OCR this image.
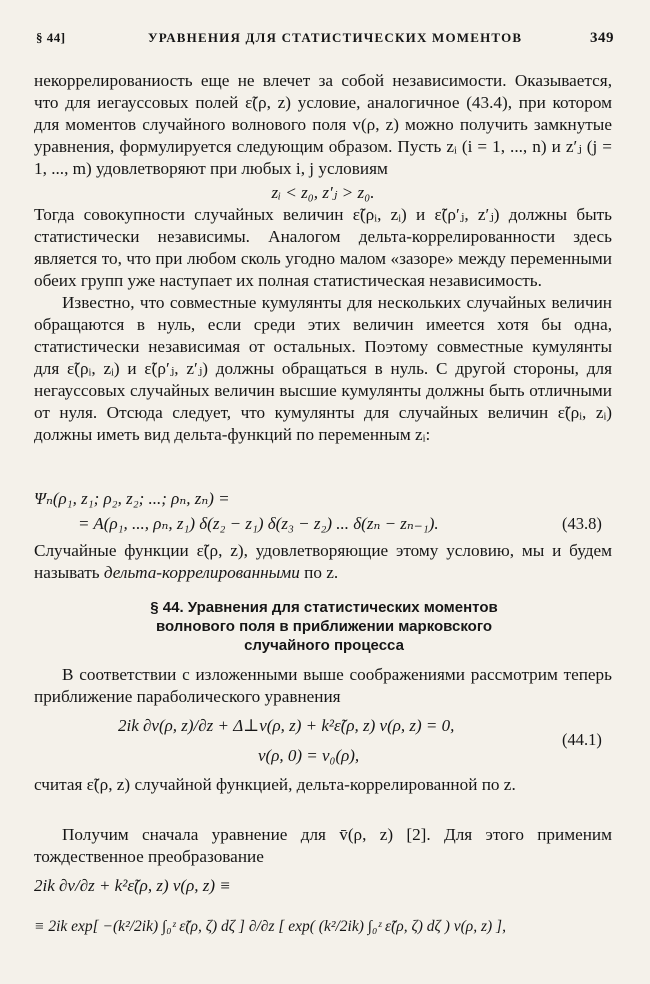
§ 44]	УРАВНЕНИЯ ДЛЯ СТАТИСТИЧЕСКИХ МОМЕНТОВ	349

некоррелированиость еще не влечет за собой независимости. Оказывается, что для иегауссовых полей ε̃(ρ, z) условие, аналогичное (43.4), при котором для моментов случайного волнового поля v(ρ, z) можно получить замкнутые уравнения, формулируется следующим образом. Пусть zᵢ (i = 1, ..., n) и z′ⱼ (j = 1, ..., m) удовлетворяют при любых i, j условиям

zᵢ < z₀, z′ⱼ > z₀.

Тогда совокупности случайных величин ε̃(ρᵢ, zᵢ) и ε̃(ρ′ⱼ, z′ⱼ) должны быть статистически независимы. Аналогом дельта-коррелированности здесь является то, что при любом сколь угодно малом «зазоре» между переменными обеих групп уже наступает их полная статистическая независимость.

Известно, что совместные кумулянты для нескольких случайных величин обращаются в нуль, если среди этих величин имеется хотя бы одна, статистически независимая от остальных. Поэтому совместные кумулянты для ε̃(ρᵢ, zᵢ) и ε̃(ρ′ⱼ, z′ⱼ) должны обращаться в нуль. С другой стороны, для негауссовых случайных величин высшие кумулянты должны быть отличными от нуля. Отсюда следует, что кумулянты для случайных величин ε̃(ρᵢ, zᵢ) должны иметь вид дельта-функций по переменным zᵢ:

Ψₙ(ρ₁, z₁; ρ₂, z₂; ...; ρₙ, zₙ) =
= A(ρ₁, ..., ρₙ, z₁) δ(z₂ − z₁) δ(z₃ − z₂) ... δ(zₙ − zₙ₋₁).	(43.8)

Случайные функции ε̃(ρ, z), удовлетворяющие этому условию, мы и будем называть дельта-коррелированными по z.

§ 44. Уравнения для статистических моментов
волнового поля в приближении марковского
случайного процесса

В соответствии с изложенными выше соображениями рассмотрим теперь приближение параболического уравнения

2ik ∂v(ρ, z)/∂z + Δ⊥v(ρ, z) + k²ε̃(ρ, z) v(ρ, z) = 0,
v(ρ, 0) = v₀(ρ),
(44.1)

считая ε̃(ρ, z) случайной функцией, дельта-коррелированной по z.

Получим сначала уравнение для v̄(ρ, z) [2]. Для этого применим тождественное преобразование

2ik ∂v/∂z + k²ε̃(ρ, z) v(ρ, z) ≡
≡ 2ik exp[ −(k²/2ik) ∫₀ᶻ ε̃(ρ, ζ) dζ ] ∂/∂z [ exp( (k²/2ik) ∫₀ᶻ ε̃(ρ, ζ) dζ ) v(ρ, z) ],
